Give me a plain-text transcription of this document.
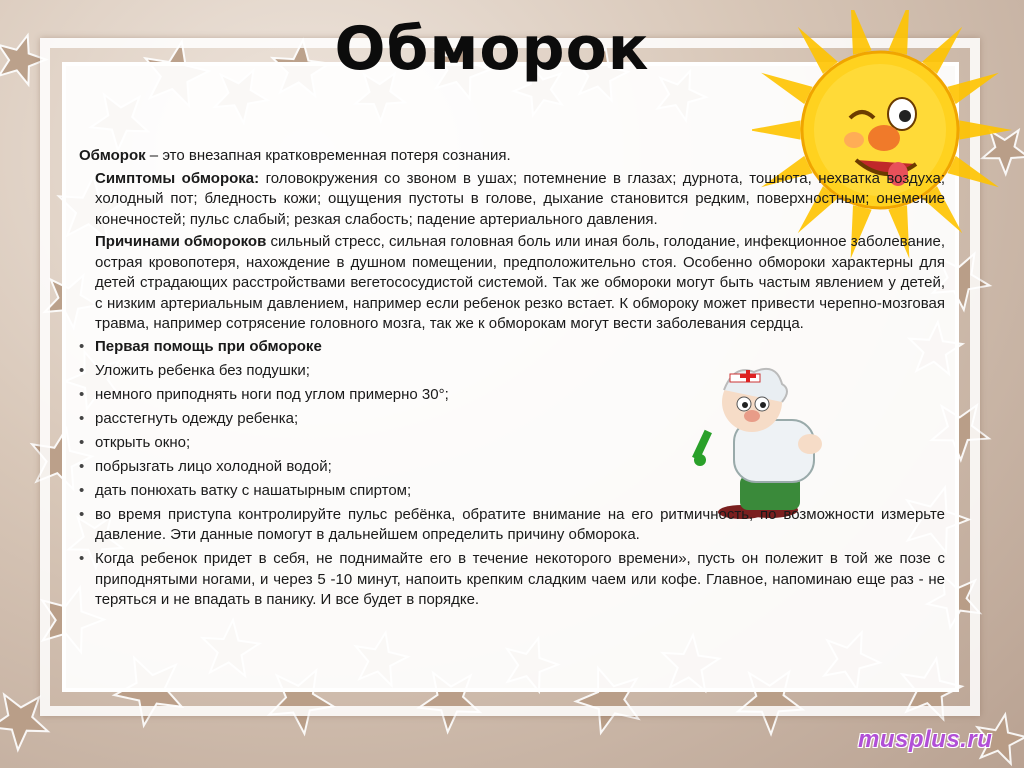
Обморок

Обморок – это внезапная кратковременная потеря сознания.

Симптомы обморока: головокружения со звоном в ушах; потемнение в глазах; дурнота, тошнота, нехватка воздуха; холодный пот; бледность кожи; ощущения пустоты в голове, дыхание становится редким, поверхностным; онемение конечностей; пульс слабый; резкая слабость; падение артериального давления.

Причинами обмороков сильный стресс, сильная головная боль или иная боль, голодание, инфекционное заболевание, острая кровопотеря, нахождение в душном помещении, предположительно стоя. Особенно обмороки характерны для детей страдающих расстройствами вегетососудистой системой. Так же обмороки могут быть частым явлением у детей, с низким артериальным давлением, например если ребенок резко встает. К обмороку может привести черепно-мозговая травма, например сотрясение головного мозга, так же к обморокам могут вести заболевания сердца.

• Первая помощь при обмороке
• Уложить ребенка без подушки;
• немного приподнять ноги под углом примерно 30°;
• расстегнуть одежду ребенка;
• открыть окно;
• побрызгать лицо холодной водой;
• дать понюхать ватку с нашатырным спиртом;
• во время приступа контролируйте пульс ребёнка, обратите внимание на его ритмичность, по возможности измерьте давление. Эти данные помогут в дальнейшем определить причину обморока.
• Когда ребенок придет в себя, не поднимайте его в течение некоторого времени», пусть он полежит в той же позе с приподнятыми ногами, и через 5 -10 минут, напоить крепким сладким чаем или кофе. Главное, напоминаю еще раз - не теряться и не впадать в панику. И все будет в порядке.
musplus.ru
